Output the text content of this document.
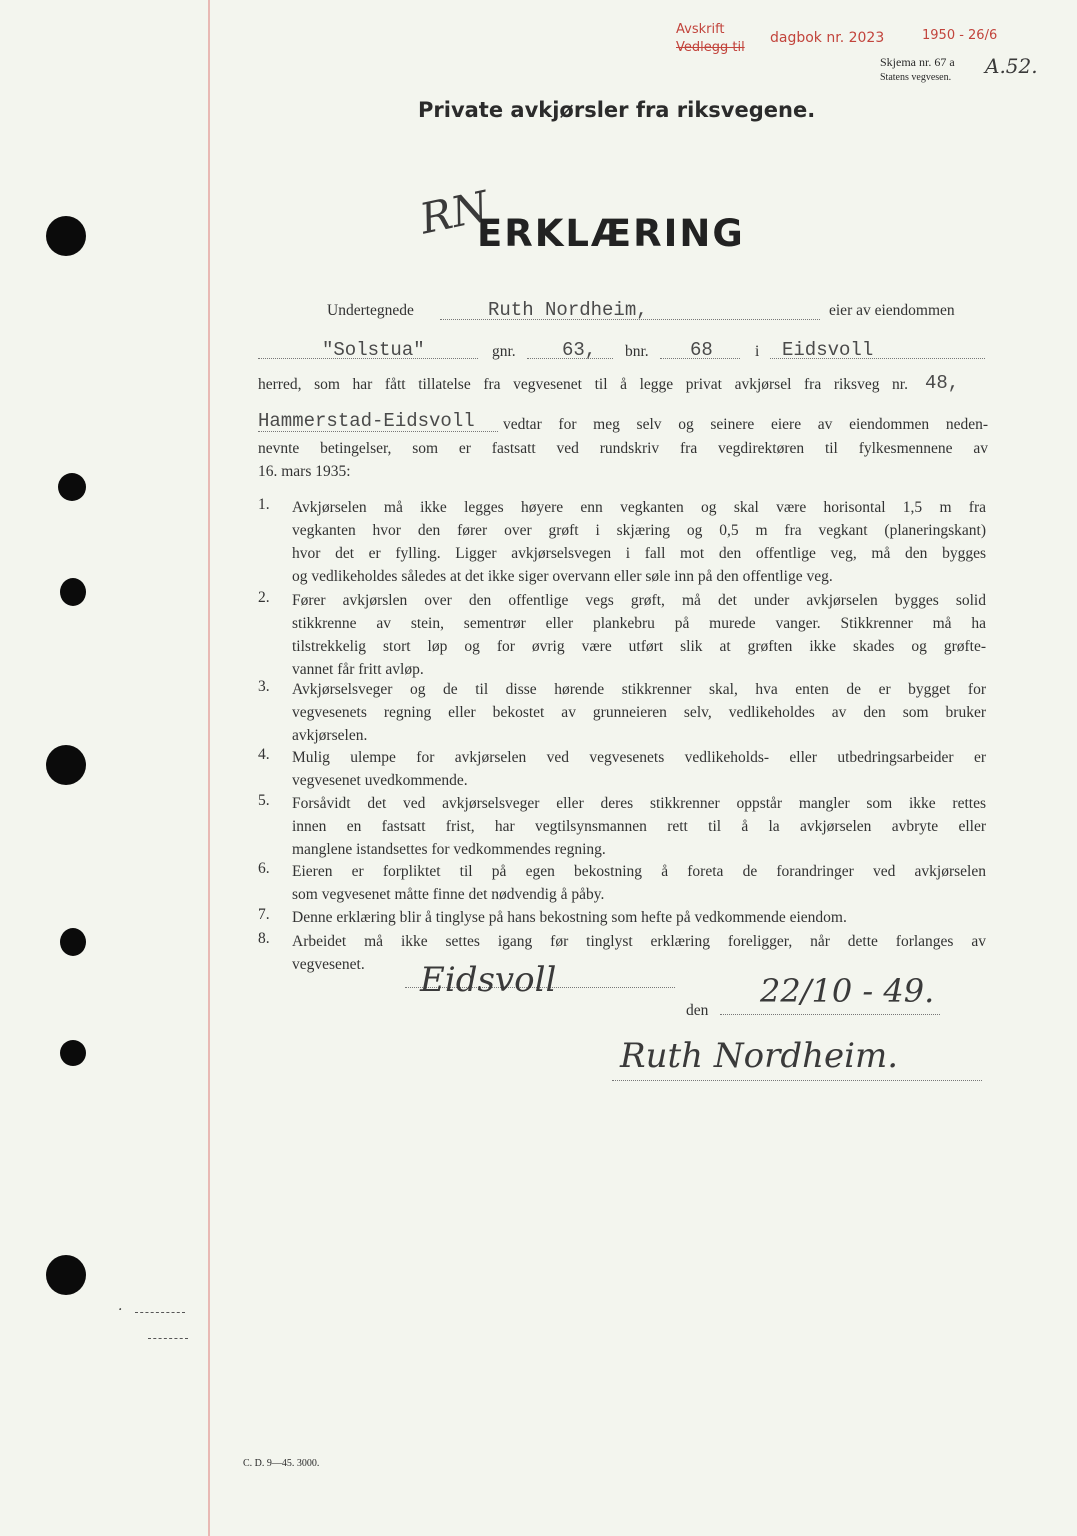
Avskrift
Vedlegg til
dagbok nr. 2023	1950 - 26/6
Skjema nr. 67 a
Statens vegvesen. A.52.
Private avkjørsler fra riksvegene.
RN
ERKLÆRING
Undertegnede	Ruth Nordheim,	eier av eiendommen
"Solstua"	gnr. 63, bnr. 68	i Eidsvoll
herred, som har fått tillatelse fra vegvesenet til å legge privat avkjørsel fra riksveg nr. 48,
Hammerstad-Eidsvoll vedtar for meg selv og seinere eiere av eiendommen neden-
nevnte betingelser, som er fastsatt ved rundskriv fra vegdirektøren til fylkesmennene av
16. mars 1935:
1. Avkjørselen må ikke legges høyere enn vegkanten og skal være horisontal 1,5 m fra
vegkanten hvor den fører over grøft i skjæring og 0,5 m fra vegkant (planeringskant)
hvor det er fylling. Ligger avkjørselsvegen i fall mot den offentlige veg, må den bygges
og vedlikeholdes således at det ikke siger overvann eller søle inn på den offentlige veg.
2. Fører avkjørslen over den offentlige vegs grøft, må det under avkjørselen bygges solid
stikkrenne av stein, sementrør eller plankebru på murede vanger. Stikkrenner må ha
tilstrekkelig stort løp og for øvrig være utført slik at grøften ikke skades og grøfte-
vannet får fritt avløp.
3. Avkjørselsveger og de til disse hørende stikkrenner skal, hva enten de er bygget for
vegvesenets regning eller bekostet av grunneieren selv, vedlikeholdes av den som bruker
avkjørselen.
4. Mulig ulempe for avkjørselen ved vegvesenets vedlikeholds- eller utbedringsarbeider er
vegvesenet uvedkommende.
5. Forsåvidt det ved avkjørselsveger eller deres stikkrenner oppstår mangler som ikke rettes
innen en fastsatt frist, har vegtilsynsmannen rett til å la avkjørselen avbryte eller
manglene istandsettes for vedkommendes regning.
6. Eieren er forpliktet til på egen bekostning å foreta de forandringer ved avkjørselen
som vegvesenet måtte finne det nødvendig å påby.
7. Denne erklæring blir å tinglyse på hans bekostning som hefte på vedkommende eiendom.
8. Arbeidet må ikke settes igang før tinglyst erklæring foreligger, når dette forlanges av
vegvesenet.	Eidsvoll
den
22/10 - 49.
Ruth Nordheim.
·
C. D. 9—45. 3000.
